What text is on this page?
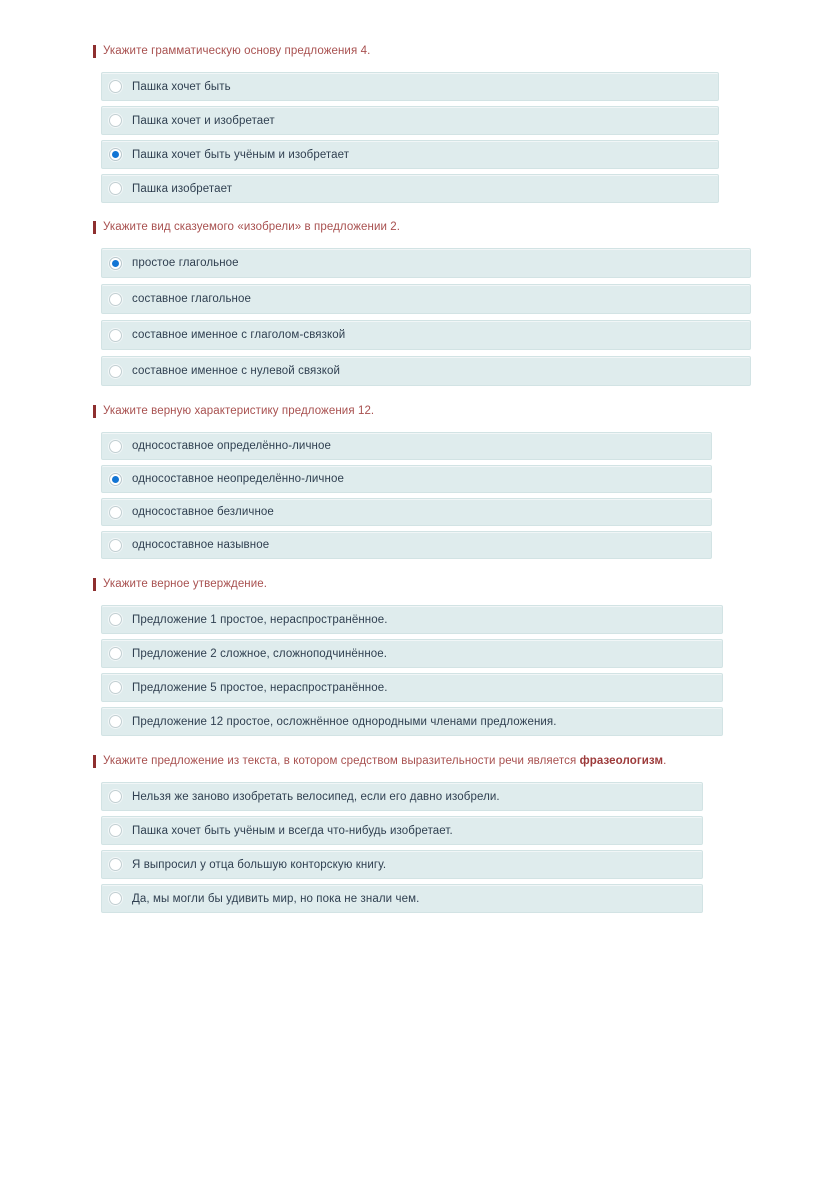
Укажите грамматическую основу предложения 4.
Пашка хочет быть
Пашка хочет и изобретает
Пашка хочет быть учёным и изобретает
Пашка изобретает
Укажите вид сказуемого «изобрели» в предложении 2.
простое глагольное
составное глагольное
составное именное с глаголом-связкой
составное именное с нулевой связкой
Укажите верную характеристику предложения 12.
односоставное определённо-личное
односоставное неопределённо-личное
односоставное безличное
односоставное назывное
Укажите верное утверждение.
Предложение 1 простое, нераспространённое.
Предложение 2 сложное, сложноподчинённое.
Предложение 5 простое, нераспространённое.
Предложение 12 простое, осложнённое однородными членами предложения.
Укажите предложение из текста, в котором средством выразительности речи является фразеологизм.
Нельзя же заново изобретать велосипед, если его давно изобрели.
Пашка хочет быть учёным и всегда что-нибудь изобретает.
Я выпросил у отца большую конторскую книгу.
Да, мы могли бы удивить мир, но пока не знали чем.
